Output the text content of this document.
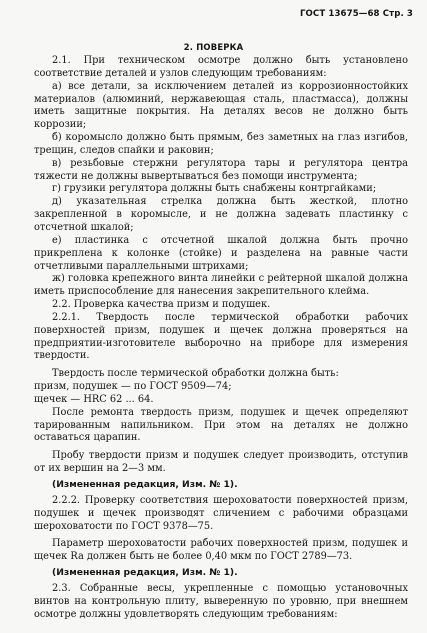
ГОСТ 13675—68 Стр. 3
2. ПОВЕРКА

2.1. При техническом осмотре должно быть установлено соответствие деталей и узлов следующим требованиям:

а) все детали, за исключением деталей из коррозионностойких материалов (алюминий, нержавеющая сталь, пластмасса), должны иметь защитные покрытия. На деталях весов не должно быть коррозии;

б) коромысло должно быть прямым, без заметных на глаз изгибов, трещин, следов спайки и раковин;

в) резьбовые стержни регулятора тары и регулятора центра тяжести не должны вывертываться без помощи инструмента;

г) грузики регулятора должны быть снабжены контргайками;

д) указательная стрелка должна быть жесткой, плотно закрепленной в коромысле, и не должна задевать пластинку с отсчетной шкалой;

е) пластинка с отсчетной шкалой должна быть прочно прикреплена к колонке (стойке) и разделена на равные части отчетливыми параллельными штрихами;

ж) головка крепежного винта линейки с рейтерной шкалой должна иметь приспособление для нанесения закрепительного клейма.

2.2. Проверка качества призм и подушек.

2.2.1. Твердость после термической обработки рабочих поверхностей призм, подушек и щечек должна проверяться на предприятии-изготовителе выборочно на приборе для измерения твердости.

Твердость после термической обработки должна быть:

призм, подушек — по ГОСТ 9509—74;

щечек — HRC 62 ... 64.

После ремонта твердость призм, подушек и щечек определяют тарированным напильником. При этом на деталях не должно оставаться царапин.

Пробу твердости призм и подушек следует производить, отступив от их вершин на 2—3 мм.

(Измененная редакция, Изм. № 1).

2.2.2. Проверку соответствия шероховатости поверхностей призм, подушек и щечек производят сличением с рабочими образцами шероховатости по ГОСТ 9378—75.

Параметр шероховатости рабочих поверхностей призм, подушек и щечек Ra должен быть не более 0,40 мкм по ГОСТ 2789—73.

(Измененная редакция, Изм. № 1).

2.3. Собранные весы, укрепленные с помощью установочных винтов на контрольную плиту, выверенную по уровню, при внешнем осмотре должны удовлетворять следующим требованиям:
